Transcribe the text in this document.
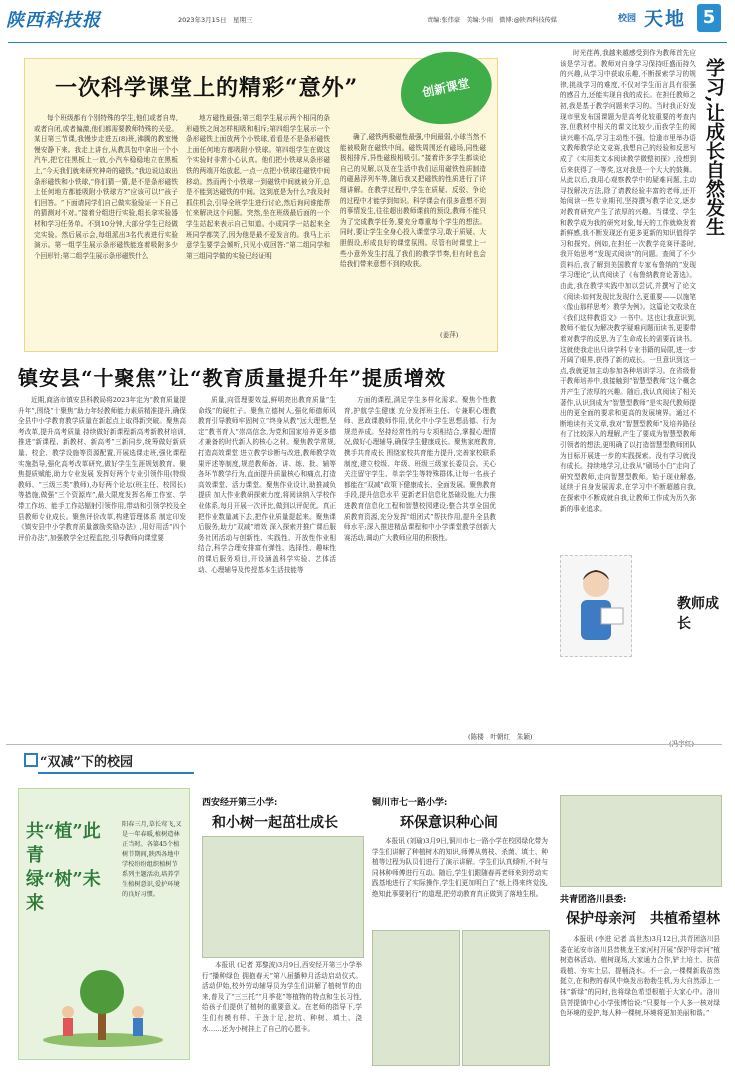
陕西科技报	2023年3月15日　星期三	责编:张伟豪　美编:少雨　微博:@陕西科技传媒	校园 天地 5
一次科学课堂上的精彩“意外”	创新课堂

每个班级都有个別特殊的学生,他们或者自卑,或者自闭,或者偏激,他们都需要教师特殊的关爱。某日第三节课,我慢步走进五(8)班,沸腾的教室慢慢安静下来。我走上讲台,从教具包中拿出一个小汽车,把它往黑板上一放,小汽车稳稳地立在黑板上,“今天我们就来研究神奇的磁铁。”我边说边取出条形磁铁和小铁球,“你们猜一猜,是不是条形磁铁上任何地方都能吸附小铁球方?”应该可以!”孩子们回答。“下面请同学们自己做实验验证一下自己的猜测对不对。”接着分组进行实验,组长拿实验器材和学习任务单。不到10分钟,大部分学生已经做完实验。然后展示会,每组派出3名代表进行实验演示。第一组学生展示条形磁铁能连着吸附多少个回形针;第二组学生展示条形磁铁什么

地方磁性最强;第三组学生展示两个相同的条形磁铁之间怎样相吸和相斥;第四组学生展示一个条形磁铁上面放两个小铁球,看看是不是条形磁铁上面任何地方都吸附小铁球。第四组学生在做这个实验时非常小心认真。他们把小铁球从条形磁铁的两端开始放起,一点一点把小铁球往磁铁中间移动。然而两个小铁球一到磁铁中间就被分开,总是不能到达磁铁的中间。这到底是为什么?我及时抓住机会,引导全班学生进行讨论,然后询问谁能帮忙来解决这个问题。突然,坐在班级最后面的一个学生站起来表示自己知道。小成同学一站起来全班同学都笑了,因为他是最不爱发言的。我马上示意学生要学会倾听,只见小成回答:“第二组同学和第三组同学做的实验已经证明

确了,磁铁两极磁性最强,中间最弱,小球当然不能被吸附在磁铁中间。磁铁周围还有磁场,同性磁极相排斥,异性磁极相吸引。”接着许多学生都谈论自己的见解,以及在生活中我们运用磁铁性质制造的磁悬浮列车等,随后我又把磁铁的性质进行了详细讲解。在教学过程中,学生在质疑、反驳、争论的过程中才能学到知识。科学课会有很多意想不到的事情发生,往往超出教师课前的预设,教师不能只为了完成教学任务,要充分尊重每个学生的想法。同时,要让学生全身心投入课堂学习,敢于质疑、大胆假设,形成良好的课堂氛围。尽管有时课堂上一些小意外发生打乱了我们的教学节奏,但有时也会给我们带来意想不到的收获。

(姜萍)
学习,让成长自然发生

时光荏苒,我越来越感受到作为教师首先应该是学习者。教师对自身学习保持旺盛而持久的兴趣,从学习中获取乐趣,不断探索学习的规律,挑战学习的难度,不仅对学生而言具有很强的感召力,还能实现自我的成长。在担任教师之初,我是基于教学问题来学习的。当时我正好发现市里发布国课题为是高考化较重要的考查内容,但教材中相关的课文比较少,而我学生的阅读兴趣不高,学习主动性不强。恰逢市里举办语文教师教学论文竞赛,我想自己的经验和反思写成了《实用类文本阅读教学微整初探》,没想到后来获得了一等奖,这对我是一个大大的鼓舞。从此以后,我用心观察教学中的疑难问题,主动寻找解决方法,除了请教经验丰富的老师,还开始阅读一些专业期刊,坚持撰写教学论文,逐步对教育研究产生了浓厚的兴趣。当课堂、学生和教学成为我的研究对象,每天的工作就焕发着新鲜感,我不断发现还有更多更新的知识值得学习和探究。例如,在担任一次教学竞赛评委时,我开始思考“发现式阅读”的问题。查阅了不少资料后,我了解到美国教育专家布鲁纳的“发现学习理论”,认真阅读了《布鲁纳教育论著选》。由此,我在教学实践中加以尝试,并撰写了论文《阅读:如何发现比发现什么更重要——以施笔〈像山那样思考〉教学为例》。这篇论文收录在《我们这样教语文》一书中。这也让我意识到,教师不能仅为解决教学疑难问题而读书,更要带着对教学的反思,为了生命成长的需要而读书。这就使我走出只读学科专业书籍的局限,进一步开阔了眼界,获得了新的成长。一旦意识到这一点,我就更加主动参加各种培训学习。在省级骨干教师培养中,我接触到“智慧型教师”这个概念并产生了浓厚的兴趣。随后,我认真阅读了相关著作,认识到成为“智慧型教师”是实现代教师提出的更全面的要求和更高的发展境界。通过不断地读有关文章,我对“智慧型教师”及培养路径有了比较深入的理解,产生了要成为智慧型教师引领者的想法,更明确了以打造智慧型教师团队为目标开展进一步的实践探索。没有学习就没有成长。持续地学习,让我从“刷场小白”走向了研究型教师,走向智慧型教师。始于现业解惑,延续于自身发展需求,在学习中不断超越自我,在探索中不断成就自我,让教师工作成为历久弥新的事业追求。

教师成长
(冯宇红)
镇安县“十聚焦”让“教育质量提升年”提质增效

近期,商洛市镇安县科教局将2023年定为“教育质量提升年”,围绕“十聚焦”助力年轻教师能力素质精准提升,确保全县中小学教育教学质量在新起点上取得新突破。聚焦高考改革,提升高考质量 持续做好新课程新高考新教材培训,推进“新课程、新教材、新高考”三新同步,统筹做好新质量、校企、教学设施等资源配置,开展选课走班,强化课程实施指导,强化高考改革研究,做好学生生涯规划教育。聚焦提质赋能,助力专业发展 发挥好两个专业引领作用(特级教师、“三级三类”教师),办好两个论坛(班主任、校园长)等措施,做强“三个资源库”,最大限度发挥名师工作室、学带工作坊、能手工作站辐射引领作用,带动和引领学校及全县教师专业成长。聚焦评价改革,构建管理体系 制定印发《镇安县中小学教育质量激励奖励办法》,用好用活“四个评价办法”,加强教学全过程监控,引导教师向课堂要

质量,向管理要效益,鲜明亮出教育质量“生命线”的硬杠子。聚焦立德树人,强化师德师风 教育引导教师牢固树立“终身从教”远大理想,坚定“教书育人”崇高信念,为党和国家培养更多德才兼备的时代新人的核心之材。聚焦教学常规,打造高效课堂 进立教学诊断与改进,教师教学效果评述等制度,规范教师备、讲、练、批、辅等各环节教学行为,直面提升质量核心和痛点,打造高效课堂、活力课堂。聚焦作业设计,助推减负提质 加大作业教研探索力度,将阅读纳入学校作业体系,每月开展一次评比,做到以评促优。真正把作业数量减下去,把作业质量提起来。聚焦课后服务,助力“双减”增效 深入探索并推广课后服务社团活动与创新性、实践性、开放性作业相结合,科学合理安排富有弹性、选择性、趣味性的课后服务项目,开设涵盖科学实验、艺体活动、心理辅导及传授基本生活技能等

方面的课程,满足学生多样化需求。聚焦个性教育,护航学生健康 充分发挥班主任、专兼职心理教师、思政课教师作用,优化中小学生思想品德、行为规范养成。坚持经常性的与专项相结合,掌握心理情况,做好心理辅导,确保学生健康成长。聚焦家庭教育,携手共育成长 围绕家校共育能力提升,完善家校联系制度,建立校级、年级、班级三级家长委员会。关心关注留守学生、单亲学生等特殊群体,让每一名孩子都能在“双减”政策下健康成长、全面发展。聚焦教育手段,提升信息水平 更新老旧信息化基础设施,大力推进教育信息化工程和智慧校园建设;整合共享全国优质教育资源,充分发挥“组团式”帮扶作用,提升全县教师水平;深入推进精品课程和中小学课堂教学创新大赛活动,调动广大教师应用的积极性。

(陈楼　叶朝红　朱颖)
“双减”下的校园
共“植”此青绿“树”未来
阳春三月,草长莺飞,又是一年春暖,植树造林正当时。各第45个植树节期间,陕西各地中学校纷纷组织植树节系列主题活动,培养学生植树意识,爱护环境的良好习惯。
西安经开第三小学:
和小树一起茁壮成长

本报讯 (记者 郑黎波)3月9日,西安经开第三小学举行“播种绿色 拥抱春天”第八届播种月活动启动仪式。活动伊始,校外劳动辅导员为学生们讲解了植树节的由来,普及了“三三托”“月季花”等植物的特点和生长习性,给孩子们提供了植树的重要意义。在老师的指导下,学生们有模有样、干劲十足,挖坑、种树、填土、浇水……还为小树挂上了自己的心愿卡。

铜川市七一路小学:
环保意识种心间

本报讯 (刘瑜)3月9日,铜川市七一路小学在校园绿化带为学生们讲解了种植树木的知识,师傅从剪枝、杀菌、填土、种植等过程为队员们进行了演示讲解。学生们认真倾听,不时与同林种师傅进行互动。随后,学生们跟随春再老师来到劳动实践基地进行了实际操作,学生们更加明白了“纸上得来终觉浅,绝知此事要躬行”的道理,把劳动教育真正做到了落地生根。

共青团洛川县委:
保护母亲河　共植希望林

本报讯 (李进 记者 高世杰)3月12日,共青团洛川县委在延安市洛川县昔桃龙王家河村开展“保护母亲河”植树造林活动。植树现场,大家通力合作,铲土培土、扶苗栽植、夯实土层、提桶浇水。不一会,一棵棵新栽苗然挺立,在和煦的春风中焕发出勃勃生机,为大自然添上一抹“新绿”的同时,也将绿色希望根植于大家心中。洛川县菩提镇中心小学张博怡说:“只要每一个人多一核对绿色环境的爱护,每人种一棵树,环境将更加美丽和谐。”
